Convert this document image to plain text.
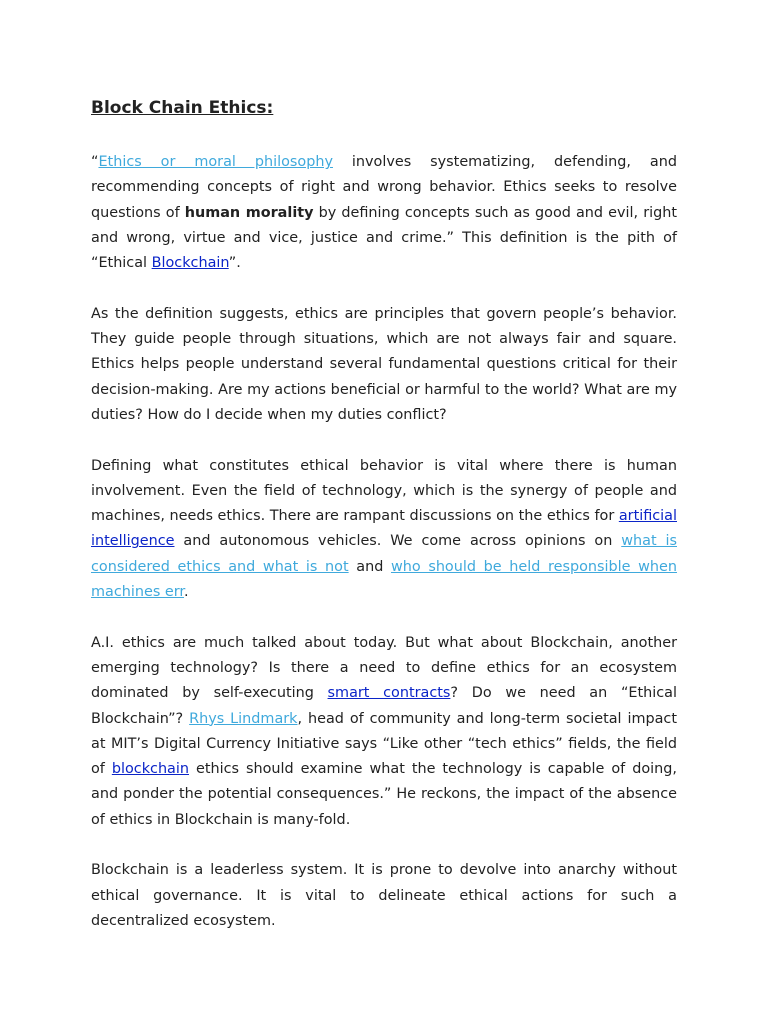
Block Chain Ethics:

“Ethics or moral philosophy involves systematizing, defending, and recommending concepts of right and wrong behavior. Ethics seeks to resolve questions of human morality by defining concepts such as good and evil, right and wrong, virtue and vice, justice and crime.” This definition is the pith of “Ethical Blockchain”.

As the definition suggests, ethics are principles that govern people’s behavior. They guide people through situations, which are not always fair and square. Ethics helps people understand several fundamental questions critical for their decision-making. Are my actions beneficial or harmful to the world? What are my duties? How do I decide when my duties conflict?

Defining what constitutes ethical behavior is vital where there is human involvement. Even the field of technology, which is the synergy of people and machines, needs ethics. There are rampant discussions on the ethics for artificial intelligence and autonomous vehicles. We come across opinions on what is considered ethics and what is not and who should be held responsible when machines err.

A.I. ethics are much talked about today. But what about Blockchain, another emerging technology? Is there a need to define ethics for an ecosystem dominated by self-executing smart contracts? Do we need an “Ethical Blockchain”? Rhys Lindmark, head of community and long-term societal impact at MIT’s Digital Currency Initiative says “Like other “tech ethics” fields, the field of blockchain ethics should examine what the technology is capable of doing, and ponder the potential consequences.” He reckons, the impact of the absence of ethics in Blockchain is many-fold.

Blockchain is a leaderless system. It is prone to devolve into anarchy without ethical governance. It is vital to delineate ethical actions for such a decentralized ecosystem.
